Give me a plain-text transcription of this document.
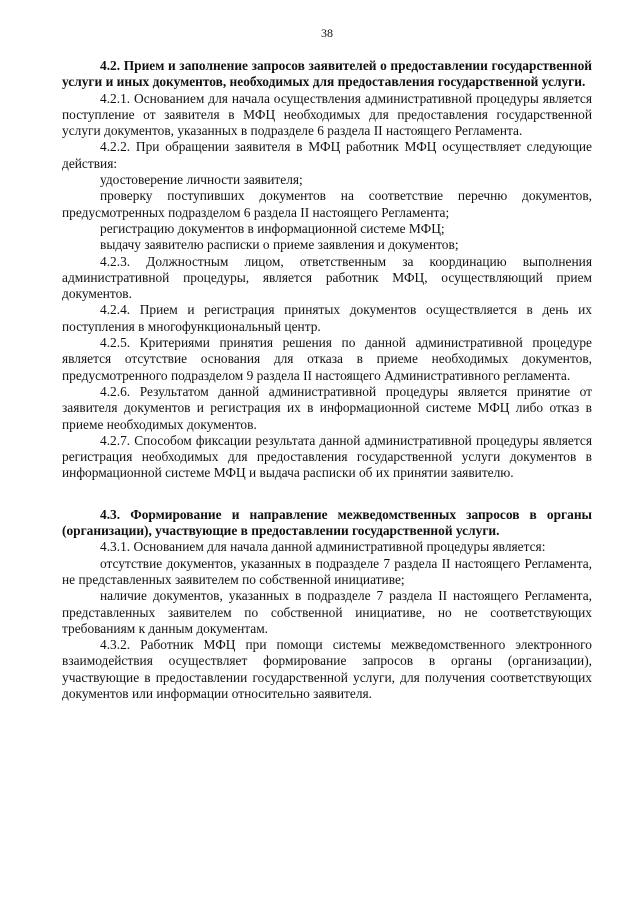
38

4.2. Прием и заполнение запросов заявителей о предоставлении государственной услуги и иных документов, необходимых для предоставления государственной услуги.

4.2.1. Основанием для начала осуществления административной процедуры является поступление от заявителя в МФЦ необходимых для предоставления государственной услуги документов, указанных в подразделе 6 раздела II настоящего Регламента.

4.2.2. При обращении заявителя в МФЦ работник МФЦ осуществляет следующие действия:

удостоверение личности заявителя;

проверку поступивших документов на соответствие перечню документов, предусмотренных подразделом 6 раздела II настоящего Регламента;

регистрацию документов в информационной системе МФЦ;

выдачу заявителю расписки о приеме заявления и документов;

4.2.3. Должностным лицом, ответственным за координацию выполнения административной процедуры, является работник МФЦ, осуществляющий прием документов.

4.2.4. Прием и регистрация принятых документов осуществляется в день их поступления в многофункциональный центр.

4.2.5. Критериями принятия решения по данной административной процедуре является отсутствие основания для отказа в приеме необходимых документов, предусмотренного подразделом 9 раздела II настоящего Административного регламента.

4.2.6. Результатом данной административной процедуры является принятие от заявителя документов и регистрация их в информационной системе МФЦ либо отказ в приеме необходимых документов.

4.2.7. Способом фиксации результата данной административной процедуры является регистрация необходимых для предоставления государственной услуги документов в информационной системе МФЦ и выдача расписки об их принятии заявителю.

4.3. Формирование и направление межведомственных запросов в органы (организации), участвующие в предоставлении государственной услуги.

4.3.1. Основанием для начала данной административной процедуры является:

отсутствие документов, указанных в подразделе 7 раздела II настоящего Регламента, не представленных заявителем по собственной инициативе;

наличие документов, указанных в подразделе 7 раздела II настоящего Регламента, представленных заявителем по собственной инициативе, но не соответствующих требованиям к данным документам.

4.3.2. Работник МФЦ при помощи системы межведомственного электронного взаимодействия осуществляет формирование запросов в органы (организации), участвующие в предоставлении государственной услуги, для получения соответствующих документов или информации относительно заявителя.
